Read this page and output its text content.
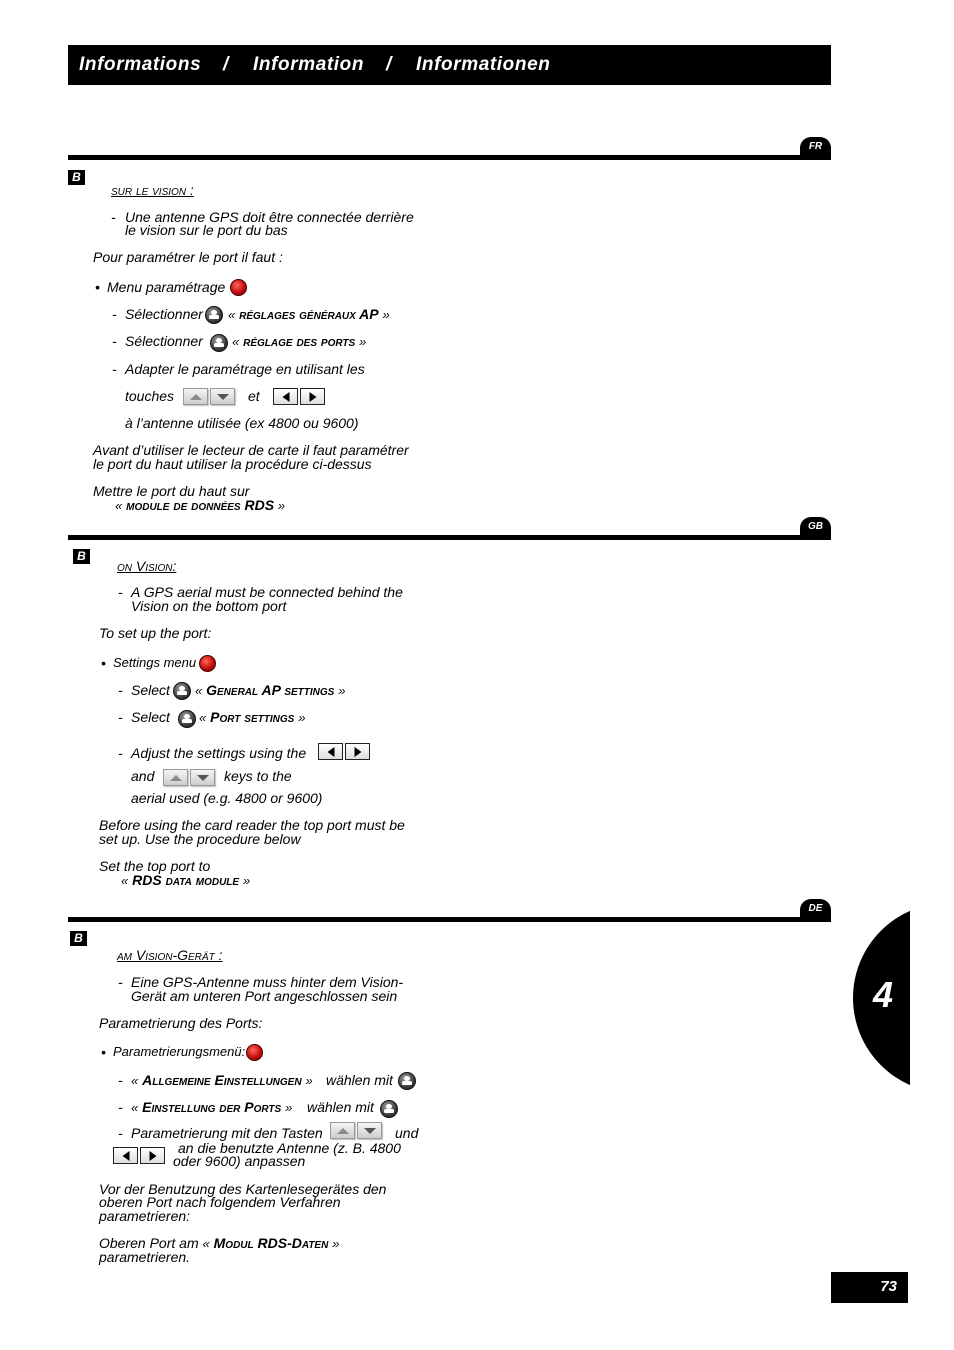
Informations / Information / Informationen
FR
B
sur le vision :
- Une antenne GPS doit être connectée derrière
le vision sur le port du bas
Pour paramétrer le port il faut :
• Menu paramétrage
- Sélectionner « réglages généraux AP »
- Sélectionner « réglage des ports »
- Adapter le paramétrage en utilisant les
touches	et
à l’antenne utilisée (ex 4800 ou 9600)
Avant d’utiliser le lecteur de carte il faut paramétrer
le port du haut utiliser la procédure ci-dessus
Mettre le port du haut sur
« module de données RDS »
GB
B
on Vision:
- A GPS aerial must be connected behind the
Vision on the bottom port
To set up the port:
• Settings menu
- Select « General AP settings »
- Select « Port settings »
- Adjust the settings using the
and	keys to the
aerial used (e.g. 4800 or 9600)
Before using the card reader the top port must be
set up. Use the procedure below
Set the top port to
« RDS data module »
DE
B
am Vision-Gerät :
- Eine GPS-Antenne muss hinter dem Vision-
Gerät am unteren Port angeschlossen sein
Parametrierung des Ports:
• Parametrierungsmenü:
- « Allgemeine Einstellungen » wählen mit
- « Einstellung der Ports » wählen mit
- Parametrierung mit den Tasten	und
an die benutzte Antenne (z. B. 4800
oder 9600) anpassen
Vor der Benutzung des Kartenlesegerätes den
oberen Port nach folgendem Verfahren
parametrieren:
Oberen Port am « Modul RDS-Daten »
parametrieren.
4
73
